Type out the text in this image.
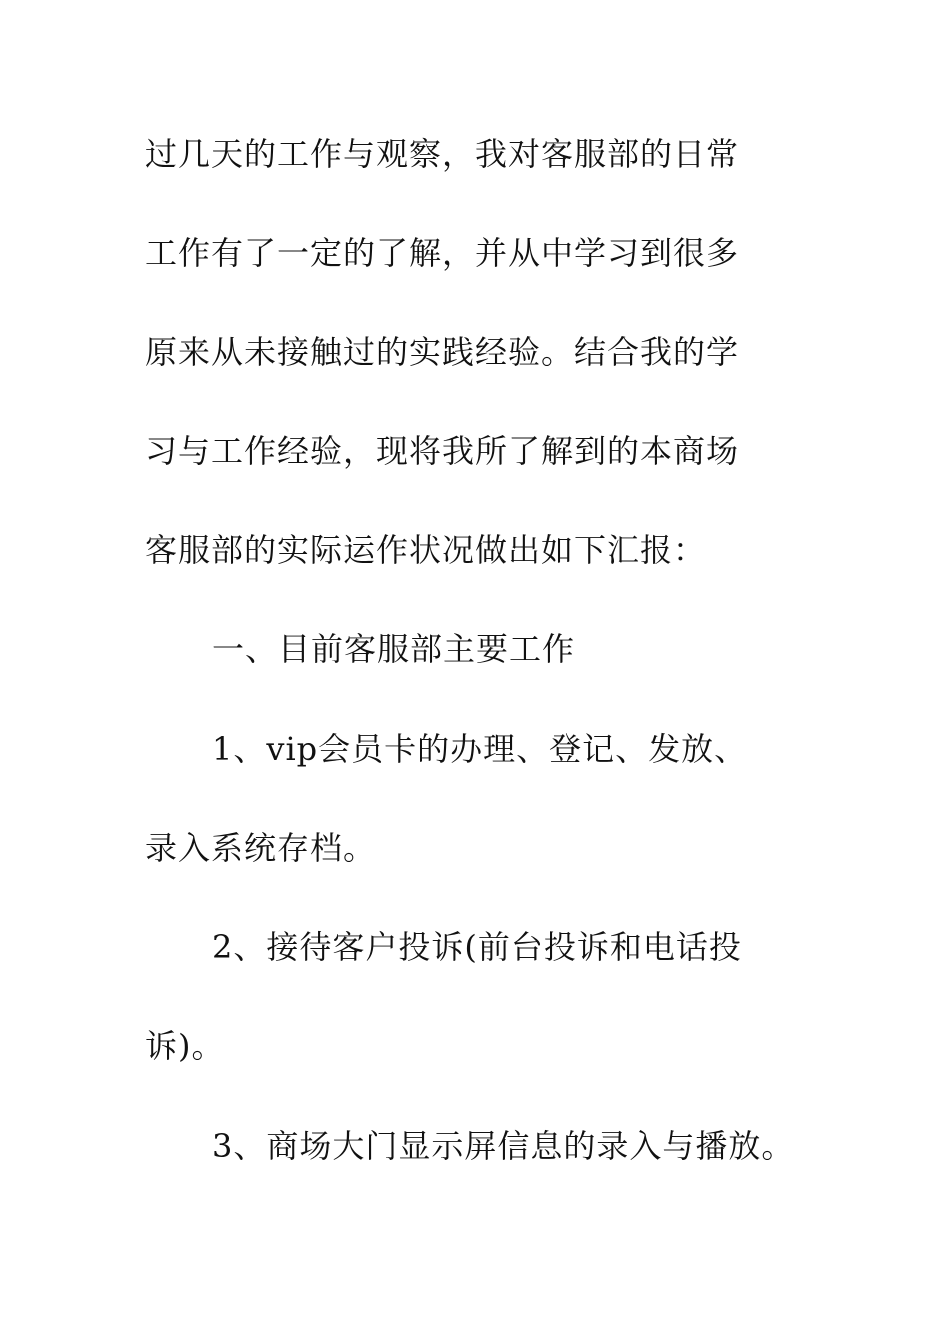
过几天的工作与观察，我对客服部的日常

工作有了一定的了解，并从中学习到很多

原来从未接触过的实践经验。结合我的学

习与工作经验，现将我所了解到的本商场

客服部的实际运作状况做出如下汇报：

一、目前客服部主要工作

1、vip会员卡的办理、登记、发放、

录入系统存档。

2、接待客户投诉(前台投诉和电话投

诉)。

3、商场大门显示屏信息的录入与播放。
